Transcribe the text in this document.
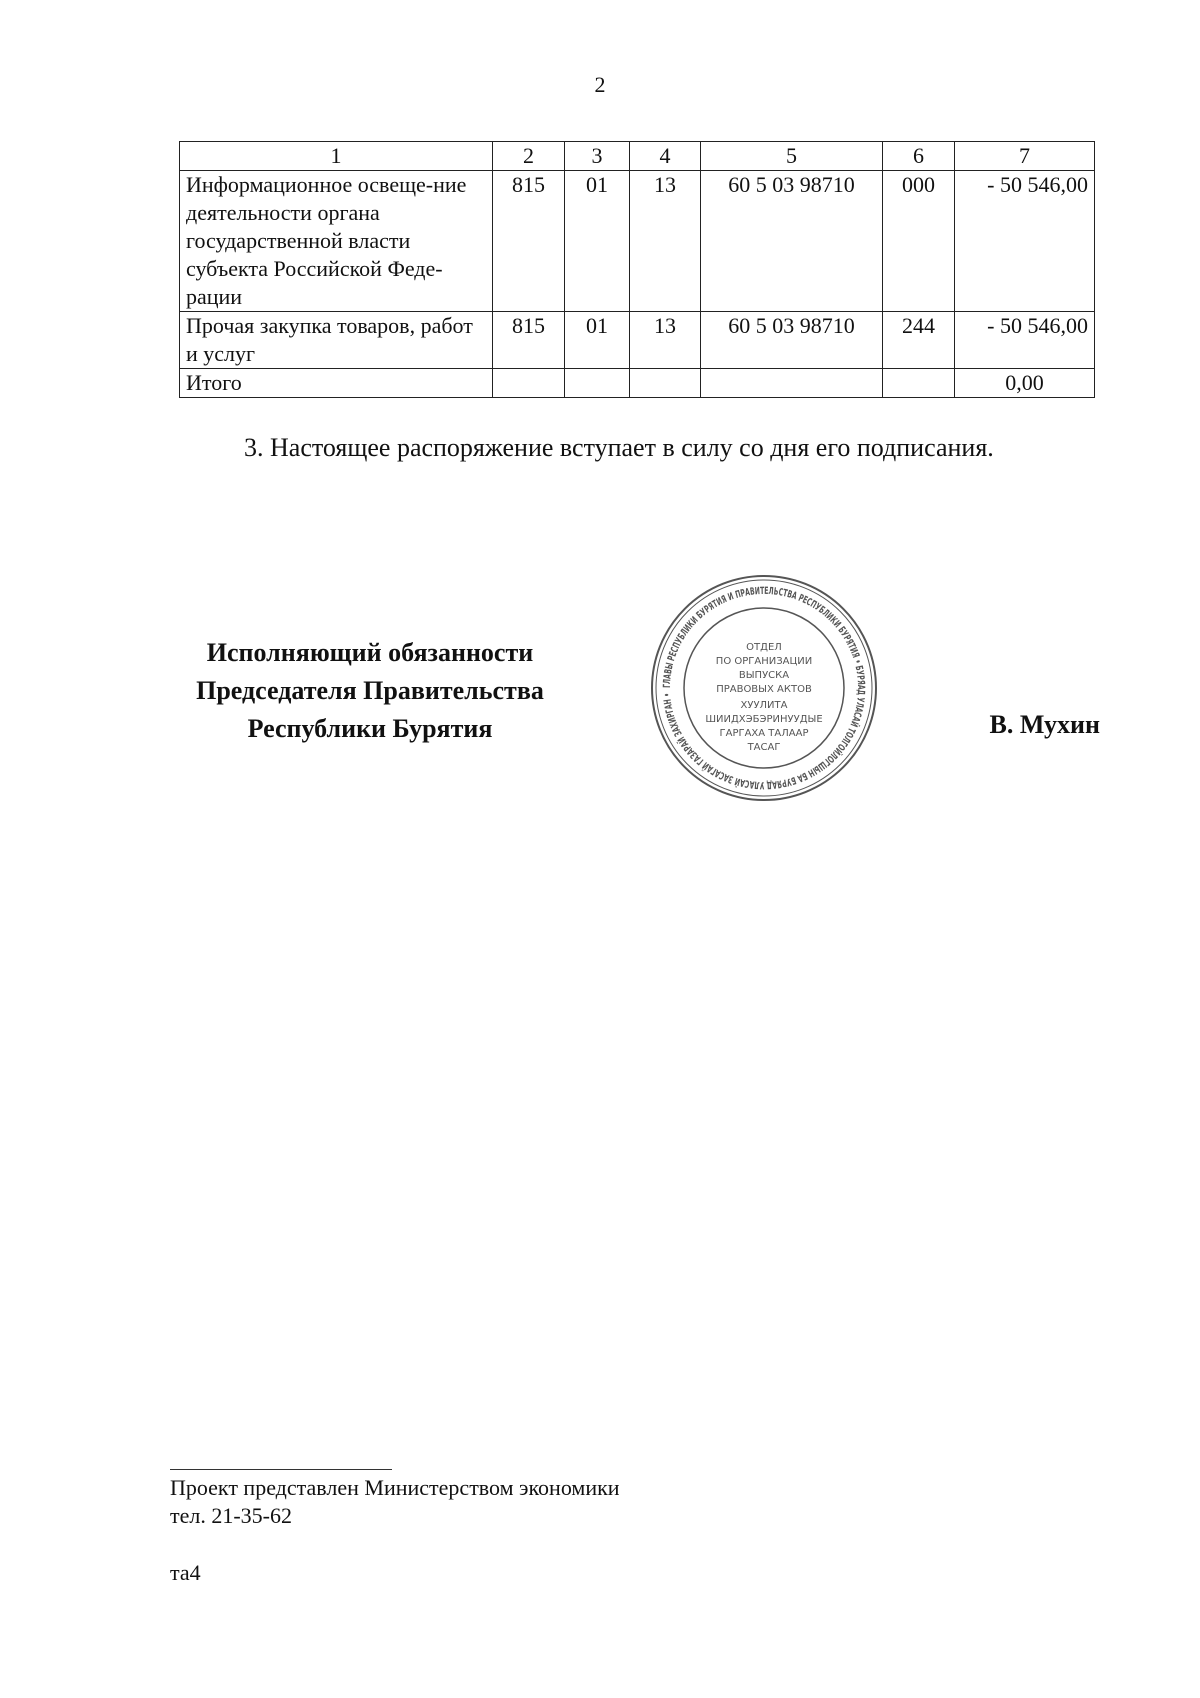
2
1	2	3	4	5	6	7
Информационное освеще-ние деятельности органа государственной власти субъекта Российской Феде-рации	815	01	13	60 5 03 98710	000	- 50 546,00
Прочая закупка товаров, работ и услуг	815	01	13	60 5 03 98710	244	- 50 546,00
Итого						0,00
3. Настоящее распоряжение вступает в силу со дня его подписания.
Исполняющий обязанности
Председателя Правительства
Республики Бурятия
ГЛАВЫ РЕСПУБЛИКИ БУРЯТИЯ И ПРАВИТЕЛЬСТВА РЕСПУБЛИКИ БУРЯТИЯ • БУРЯАД УЛАСАЙ ТОЛГОЙЛОГШЫН БА БУРЯАД УЛАСАЙ ЗАСАГАЙ ГАЗАРАЙ ЗАХИРГАН •
ОТДЕЛ
ПО ОРГАНИЗАЦИИ
ВЫПУСКА
ПРАВОВЫХ АКТОВ
ХУУЛИТА
ШИИДХЭБЭРИНУУДЫЕ
ГАРГАХА ТАЛААР
ТАСАГ
В. Мухин
Проект представлен Министерством экономики
тел. 21-35-62
та4
